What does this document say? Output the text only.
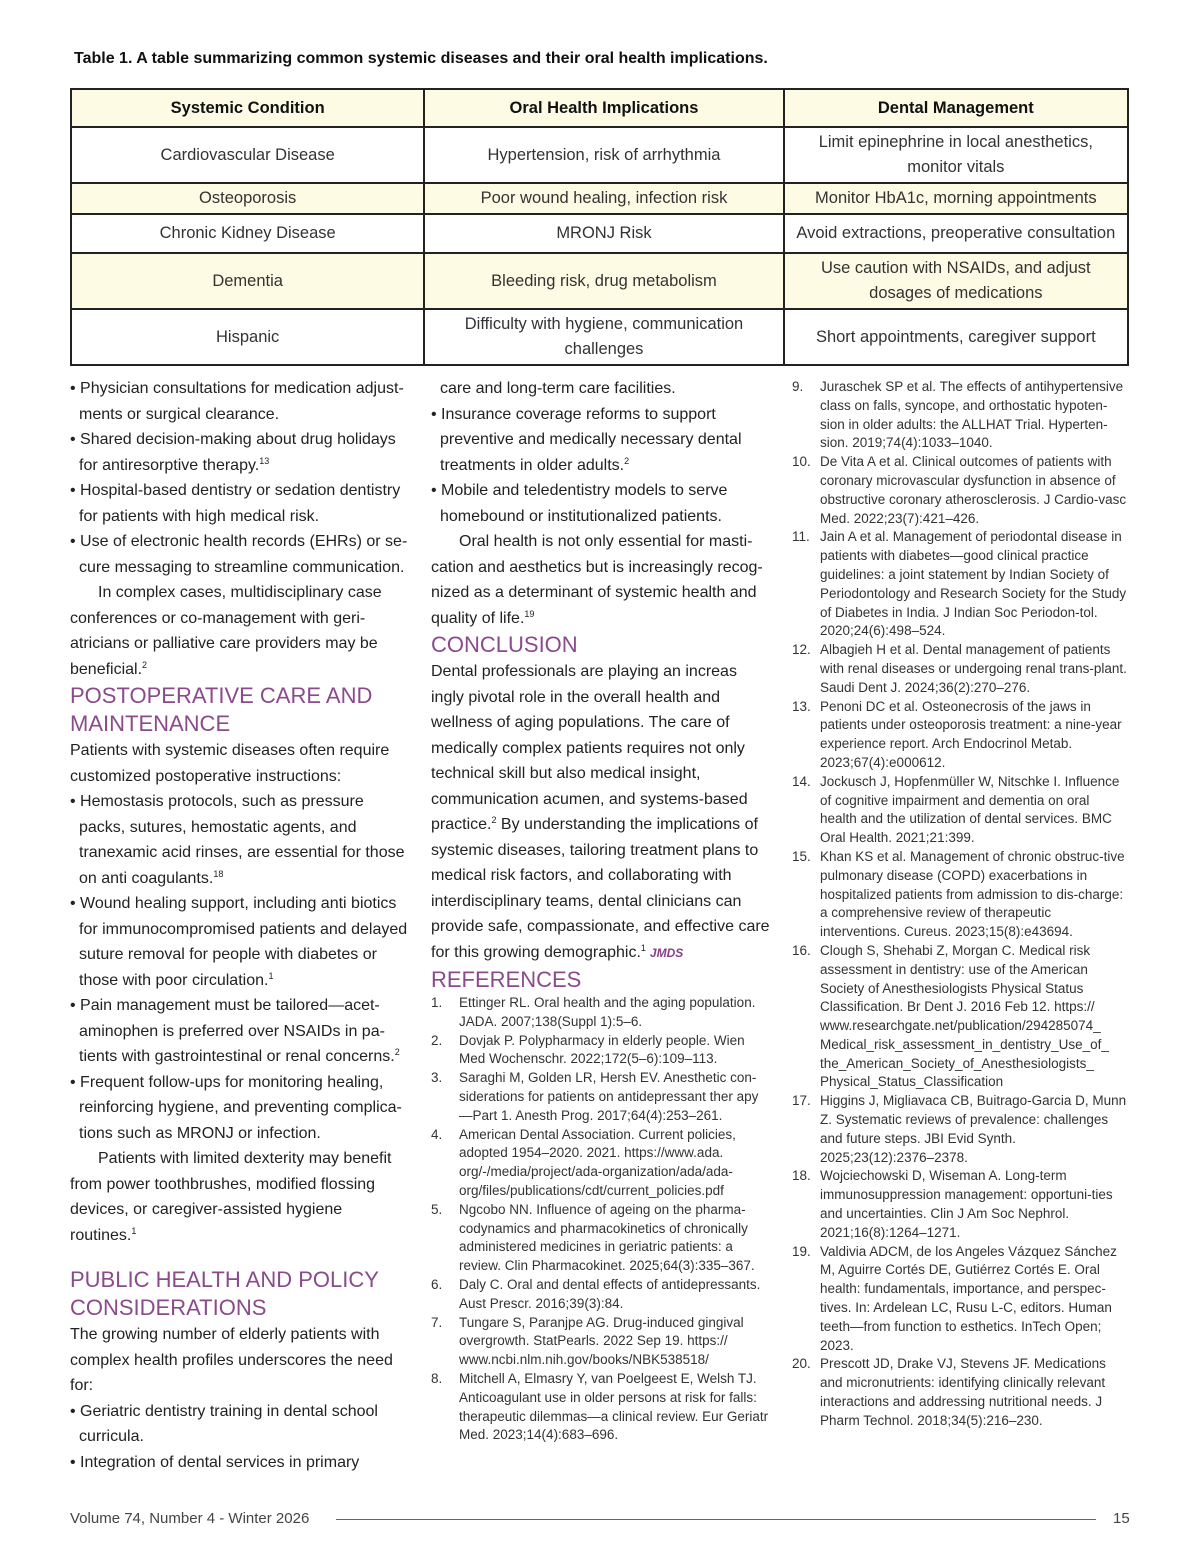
Table 1. A table summarizing common systemic diseases and their oral health implications.
Systemic Condition	Oral Health Implications	Dental Management
Cardiovascular Disease	Hypertension, risk of arrhythmia	Limit epinephrine in local anesthetics, monitor vitals
Osteoporosis	Poor wound healing, infection risk	Monitor HbA1c, morning appointments
Chronic Kidney Disease	MRONJ Risk	Avoid extractions, preoperative consultation
Dementia	Bleeding risk, drug metabolism	Use caution with NSAIDs, and adjust dosages of medications
Hispanic	Difficulty with hygiene, communication challenges	Short appointments, caregiver support

• Physician consultations for medication adjust-ments or surgical clearance.

• Shared decision-making about drug holidays for antiresorptive therapy.$^{13}$

• Hospital-based dentistry or sedation dentistry for patients with high medical risk.

• Use of electronic health records (EHRs) or se-cure messaging to streamline communication.

In complex cases, multidisciplinary case conferences or co-management with geri-atricians or palliative care providers may be beneficial.$^2$

POSTOPERATIVE CARE AND MAINTENANCE

Patients with systemic diseases often require customized postoperative instructions:

• Hemostasis protocols, such as pressure packs, sutures, hemostatic agents, and tranexamic acid rinses, are essential for those on anti coagulants.$^{18}$

• Wound healing support, including anti biotics for immunocompromised patients and delayed suture removal for people with diabetes or those with poor circulation.$^1$

• Pain management must be tailored—acet-aminophen is preferred over NSAIDs in pa-tients with gastrointestinal or renal concerns.$^2$

• Frequent follow-ups for monitoring healing, reinforcing hygiene, and preventing complica-tions such as MRONJ or infection.

Patients with limited dexterity may benefit from power toothbrushes, modified flossing devices, or caregiver-assisted hygiene routines.$^1$

PUBLIC HEALTH AND POLICY CONSIDERATIONS

The growing number of elderly patients with complex health profiles underscores the need for:

• Geriatric dentistry training in dental school curricula.

• Integration of dental services in primary

care and long-term care facilities.

• Insurance coverage reforms to support preventive and medically necessary dental treatments in older adults.$^2$

• Mobile and teledentistry models to serve homebound or institutionalized patients.

Oral health is not only essential for masti-cation and aesthetics but is increasingly recog-nized as a determinant of systemic health and quality of life.$^{19}$

CONCLUSION

Dental professionals are playing an increas ingly pivotal role in the overall health and wellness of aging populations. The care of medically complex patients requires not only technical skill but also medical insight, communication acumen, and systems-based practice.$^2$ By understanding the implications of systemic diseases, tailoring treatment plans to medical risk factors, and collaborating with interdisciplinary teams, dental clinicians can provide safe, compassionate, and effective care for this growing demographic.$^1$ JMDS

REFERENCES

1.	Ettinger RL. Oral health and the aging population. JADA. 2007;138(Suppl 1):5–6.
2.	Dovjak P. Polypharmacy in elderly people. Wien Med Wochenschr. 2022;172(5–6):109–113.
3.	Saraghi M, Golden LR, Hersh EV. Anesthetic con-siderations for patients on antidepressant ther apy—Part 1. Anesth Prog. 2017;64(4):253–261.
4.	American Dental Association. Current policies, adopted 1954–2020. 2021. https://www.ada. org/-/media/project/ada-organization/ada/ada-org/files/publications/cdt/current_policies.pdf
5.	Ngcobo NN. Influence of ageing on the pharma-codynamics and pharmacokinetics of chronically administered medicines in geriatric patients: a review. Clin Pharmacokinet. 2025;64(3):335–367.
6.	Daly C. Oral and dental effects of antidepressants. Aust Prescr. 2016;39(3):84.
7.	Tungare S, Paranjpe AG. Drug-induced gingival overgrowth. StatPearls. 2022 Sep 19. https:// www.ncbi.nlm.nih.gov/books/NBK538518/
8.	Mitchell A, Elmasry Y, van Poelgeest E, Welsh TJ. Anticoagulant use in older persons at risk for falls: therapeutic dilemmas—a clinical review. Eur Geriatr Med. 2023;14(4):683–696.
9.	Juraschek SP et al. The effects of antihypertensive class on falls, syncope, and orthostatic hypoten-sion in older adults: the ALLHAT Trial. Hyperten-sion. 2019;74(4):1033–1040.
10. De Vita A et al. Clinical outcomes of patients with coronary microvascular dysfunction in absence of obstructive coronary atherosclerosis. J Cardio-vasc Med. 2022;23(7):421–426.
11. Jain A et al. Management of periodontal disease in patients with diabetes—good clinical practice guidelines: a joint statement by Indian Society of Periodontology and Research Society for the Study of Diabetes in India. J Indian Soc Periodon-tol. 2020;24(6):498–524.
12. Albagieh H et al. Dental management of patients with renal diseases or undergoing renal trans-plant. Saudi Dent J. 2024;36(2):270–276.
13. Penoni DC et al. Osteonecrosis of the jaws in patients under osteoporosis treatment: a nine-year experience report. Arch Endocrinol Metab. 2023;67(4):e000612.
14. Jockusch J, Hopfenmüller W, Nitschke I. Influence of cognitive impairment and dementia on oral health and the utilization of dental services. BMC Oral Health. 2021;21:399.
15. Khan KS et al. Management of chronic obstruc-tive pulmonary disease (COPD) exacerbations in hospitalized patients from admission to dis-charge: a comprehensive review of therapeutic interventions. Cureus. 2023;15(8):e43694.
16. Clough S, Shehabi Z, Morgan C. Medical risk assessment in dentistry: use of the American Society of Anesthesiologists Physical Status Classification. Br Dent J. 2016 Feb 12. https:// www.researchgate.net/publication/294285074_ Medical_risk_assessment_in_dentistry_Use_of_ the_American_Society_of_Anesthesiologists_ Physical_Status_Classification
17. Higgins J, Migliavaca CB, Buitrago-Garcia D, Munn Z. Systematic reviews of prevalence: challenges and future steps. JBI Evid Synth. 2025;23(12):2376–2378.
18. Wojciechowski D, Wiseman A. Long-term immunosuppression management: opportuni-ties and uncertainties. Clin J Am Soc Nephrol. 2021;16(8):1264–1271.
19. Valdivia ADCM, de los Angeles Vázquez Sánchez M, Aguirre Cortés DE, Gutiérrez Cortés E. Oral health: fundamentals, importance, and perspec-tives. In: Ardelean LC, Rusu L-C, editors. Human teeth—from function to esthetics. InTech Open; 2023.
20. Prescott JD, Drake VJ, Stevens JF. Medications and micronutrients: identifying clinically relevant interactions and addressing nutritional needs. J Pharm Technol. 2018;34(5):216–230.
Volume 74, Number 4 - Winter 2026	15
